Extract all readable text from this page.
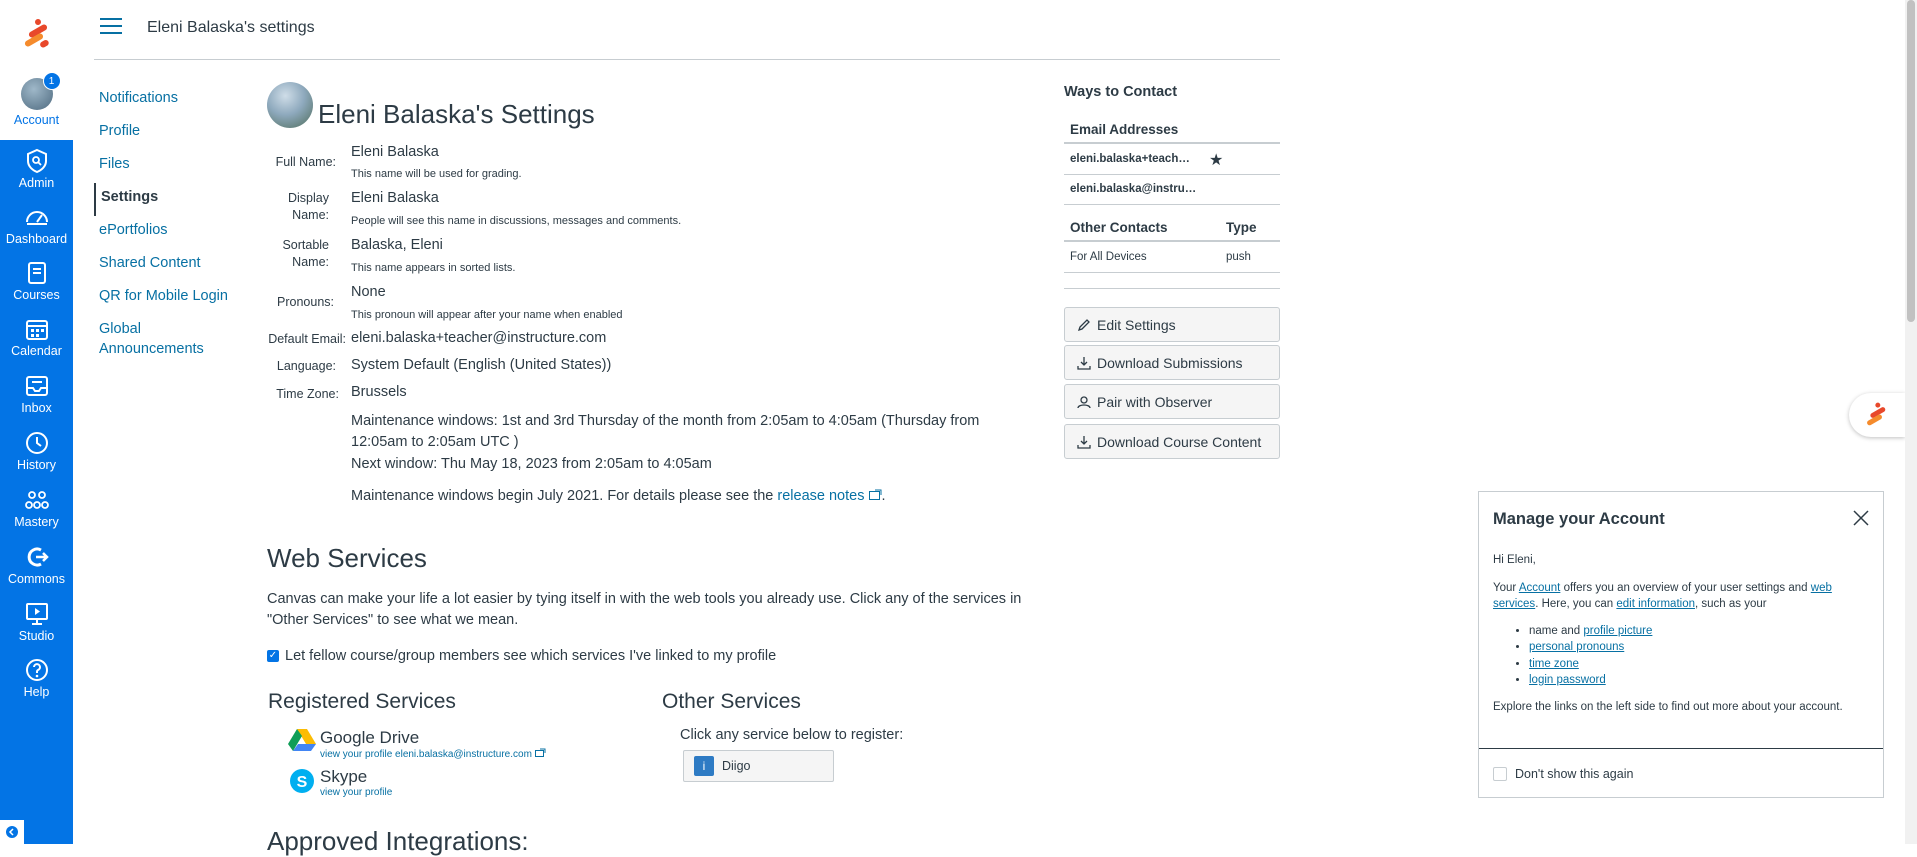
1
Account
Admin
Dashboard
Courses
Calendar
Inbox
History
Mastery
Commons
Studio
Help
Eleni Balaska's settings
Notifications
Profile
Files
Settings
ePortfolios
Shared Content
QR for Mobile Login
Global Announcements
Eleni Balaska's Settings
Full Name:
Eleni Balaska
This name will be used for grading.
Display Name:
Eleni Balaska
People will see this name in discussions, messages and comments.
Sortable Name:
Balaska, Eleni
This name appears in sorted lists.
Pronouns:
None
This pronoun will appear after your name when enabled
Default Email: eleni.balaska+teacher@instructure.com
Language: System Default (English (United States))
Time Zone: Brussels
Maintenance windows: 1st and 3rd Thursday of the month from 2:05am to 4:05am (Thursday from 12:05am to 2:05am UTC )
Next window: Thu May 18, 2023 from 2:05am to 4:05am
Maintenance windows begin July 2021. For details please see the release notes .
Web Services
Canvas can make your life a lot easier by tying itself in with the web tools you already use. Click any of the services in "Other Services" to see what we mean.
✓ Let fellow course/group members see which services I've linked to my profile
Registered Services	Other Services
Google Drive
view your profile eleni.balaska@instructure.com
S Skype
view your profile
Click any service below to register:
i	Diigo
Approved Integrations:
Ways to Contact
Email Addresses
eleni.balaska+teach… ★
eleni.balaska@instru…
Other Contacts	Type
For All Devices	push
Edit Settings
Download Submissions
Pair with Observer
Download Course Content
Manage your Account
Hi Eleni,
Your Account offers you an overview of your user settings and web services. Here, you can edit information, such as your
• name and profile picture
• personal pronouns
• time zone
• login password
Explore the links on the left side to find out more about your account.
Don't show this again
